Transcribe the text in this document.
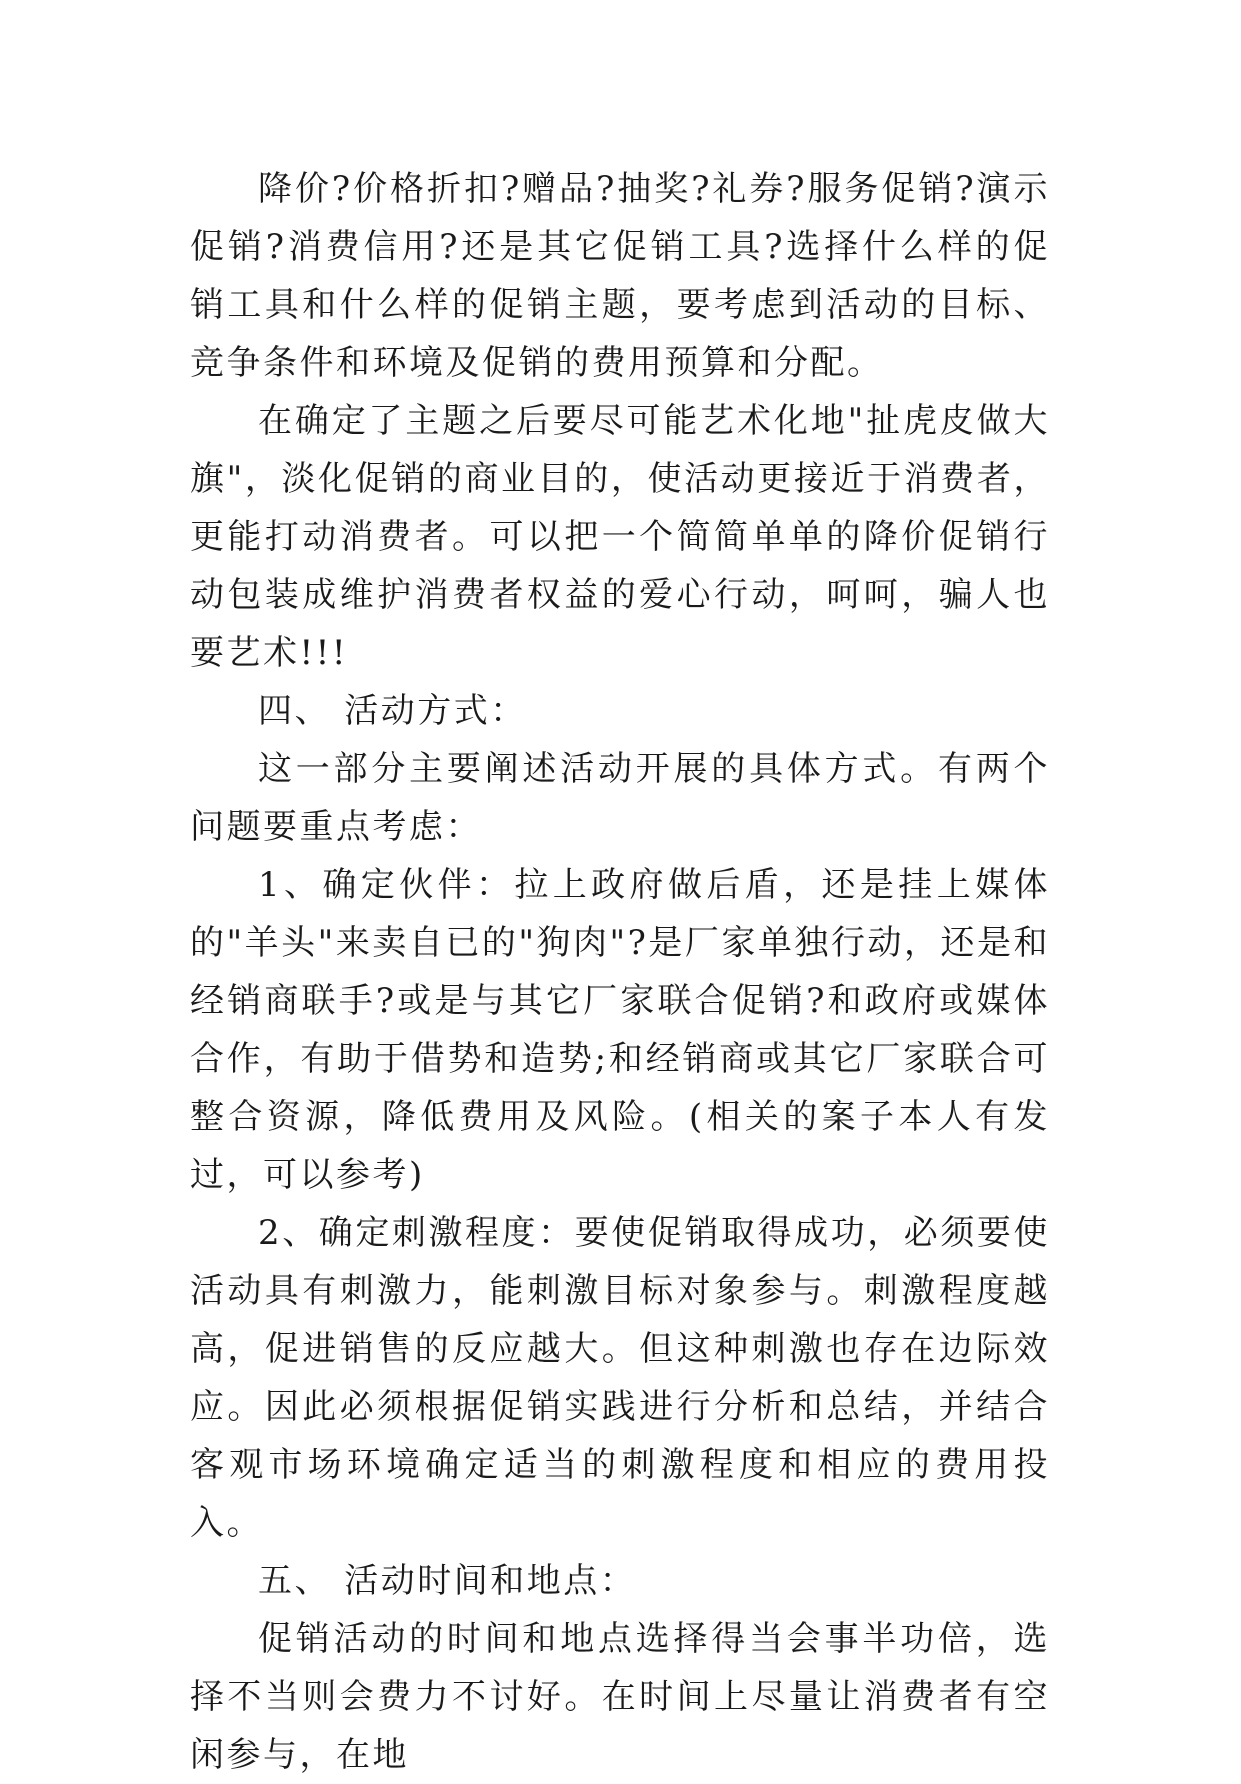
降价?价格折扣?赠品?抽奖?礼券?服务促销?演示促销?消费信用?还是其它促销工具?选择什么样的促销工具和什么样的促销主题，要考虑到活动的目标、竞争条件和环境及促销的费用预算和分配。

在确定了主题之后要尽可能艺术化地"扯虎皮做大旗"，淡化促销的商业目的，使活动更接近于消费者，更能打动消费者。可以把一个简简单单的降价促销行动包装成维护消费者权益的爱心行动，呵呵，骗人也要艺术!!!

四、 活动方式：

这一部分主要阐述活动开展的具体方式。有两个问题要重点考虑：

1、确定伙伴：拉上政府做后盾，还是挂上媒体的"羊头"来卖自已的"狗肉"?是厂家单独行动，还是和经销商联手?或是与其它厂家联合促销?和政府或媒体合作，有助于借势和造势;和经销商或其它厂家联合可整合资源，降低费用及风险。(相关的案子本人有发过，可以参考)

2、确定刺激程度：要使促销取得成功，必须要使活动具有刺激力，能刺激目标对象参与。刺激程度越高，促进销售的反应越大。但这种刺激也存在边际效应。因此必须根据促销实践进行分析和总结，并结合客观市场环境确定适当的刺激程度和相应的费用投入。

五、 活动时间和地点：

促销活动的时间和地点选择得当会事半功倍，选择不当则会费力不讨好。在时间上尽量让消费者有空闲参与，在地
